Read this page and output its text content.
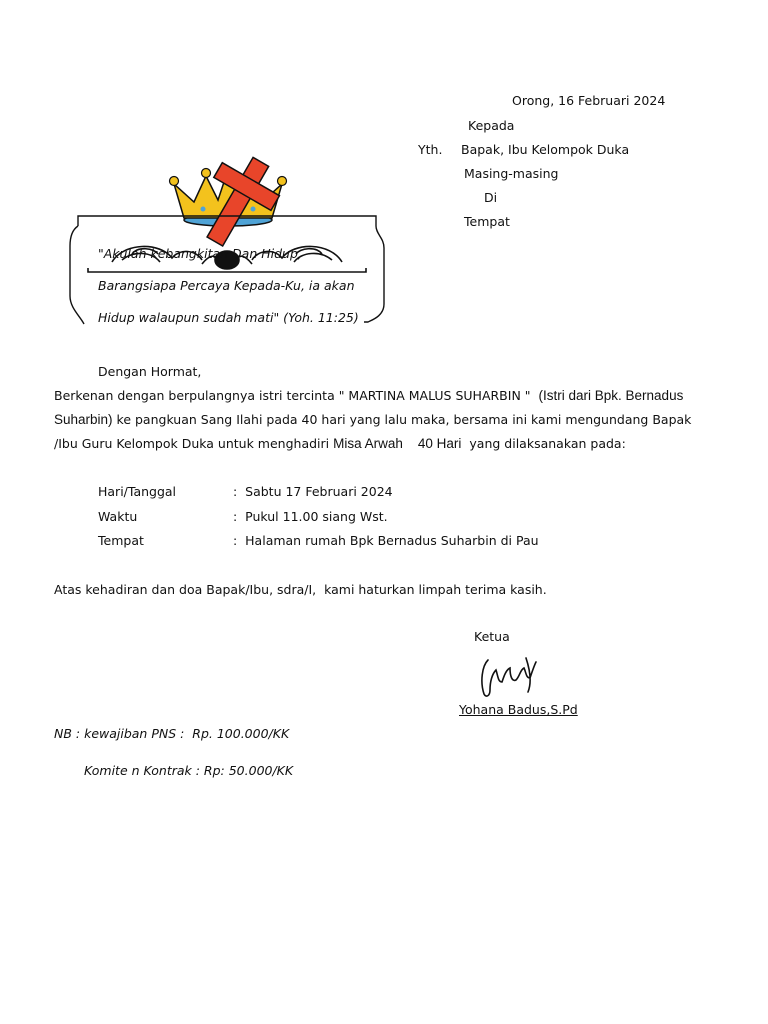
Orong, 16 Februari 2024
Kepada
Yth. Bapak, Ibu Kelompok Duka
Masing-masing
Di
Tempat
"Akulah kebangkitan Dan Hidup,
Barangsiapa Percaya Kepada-Ku, ia akan
Hidup walaupun sudah mati" (Yoh. 11:25)
Dengan Hormat,
Berkenan dengan berpulangnya istri tercinta " MARTINA MALUS SUHARBIN " (Istri dari Bpk. Bernadus
Suharbin) ke pangkuan Sang Ilahi pada 40 hari yang lalu maka, bersama ini kami mengundang Bapak
/Ibu Guru Kelompok Duka untuk menghadiri Misa Arwah    40 Hari yang dilaksanakan pada:
Hari/Tanggal	:  Sabtu 17 Februari 2024
Waktu	:  Pukul 11.00 siang Wst.
Tempat	:  Halaman rumah Bpk Bernadus Suharbin di Pau
Atas kehadiran dan doa Bapak/Ibu, sdra/I,  kami haturkan limpah terima kasih.
Ketua
Yohana Badus,S.Pd
NB : kewajiban PNS :  Rp. 100.000/KK
Komite n Kontrak : Rp: 50.000/KK
